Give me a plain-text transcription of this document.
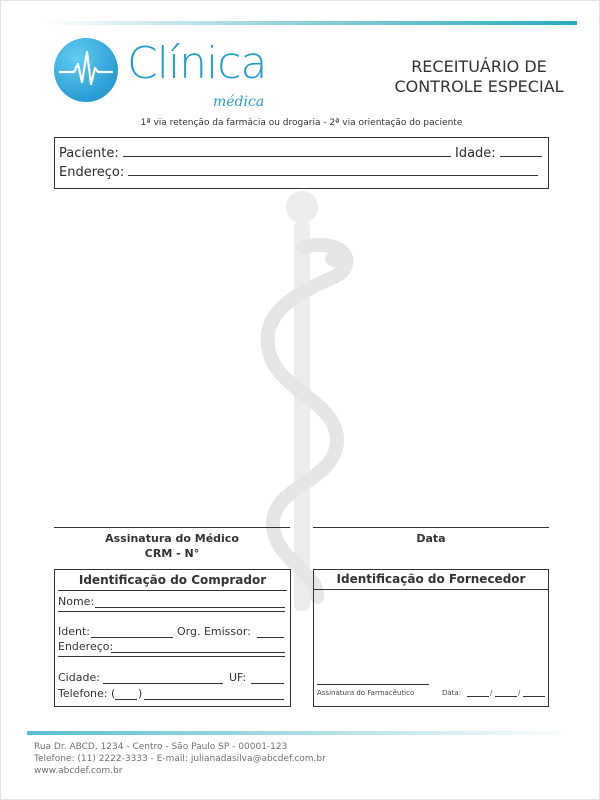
Clínica
médica
RECEITUÁRIO DE
CONTROLE ESPECIAL
1ª via retenção da farmácia ou drogaria - 2ª via orientação do paciente
Paciente:	Idade:
Endereço:
Assinatura do Médico
CRM - N°
Data
Identificação do Comprador
Nome:
Ident:	Org. Emissor:
Endereço:
Cidade:	UF:
Telefone: ( )
Identificação do Fornecedor
Assinatura do Farmacêutico	Data:	/	/
Rua Dr. ABCD, 1234 - Centro - São Paulo SP - 00001-123
Telefone: (11) 2222-3333 - E-mail: julianadasilva@abcdef.com.br
www.abcdef.com.br
